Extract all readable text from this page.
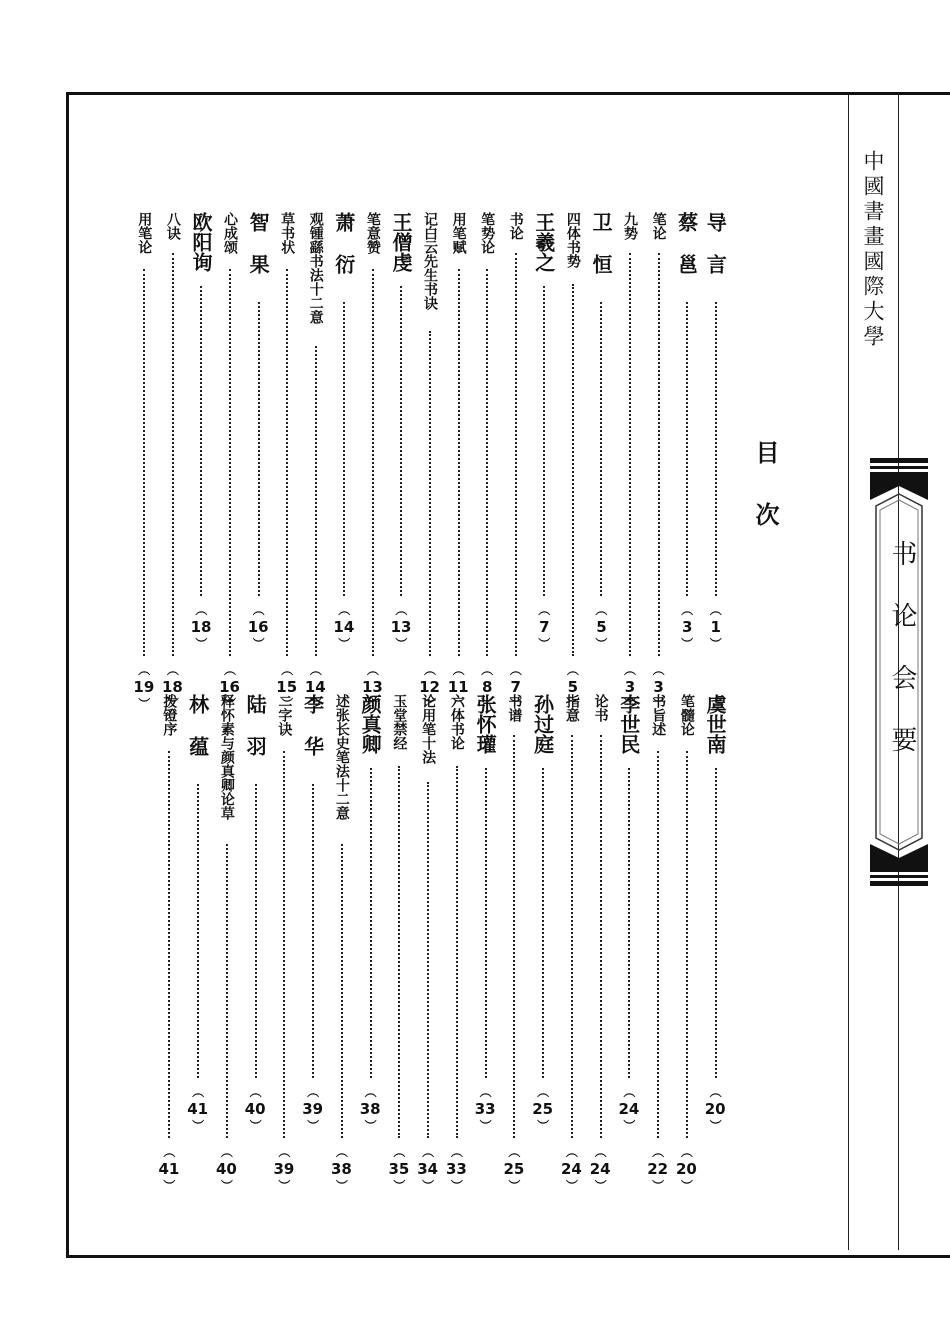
中國書畫國際大學
书论会要
目次
导言
︵ 1
︶
蔡邕
︵ 3
︶
笔论
︵ 3
︶
九势
︵ 3
︶
卫恒
︵ 5
︶
四体书势
︵ 5
︶
王羲之
︵ 7
︶
书论
︵ 7
︶
笔势论
︵ 8
︶
用笔赋
︵ 11
︶
记白云先生书诀
︵ 12
︶
王僧虔
︵ 13
︶
笔意赞
︵ 13
︶
萧衍
︵ 14
︶
观锺繇书法十二意
︵ 14
︶
草书状
︵ 15
︶
智果
︵ 16
︶
心成颂
︵ 16
︶
欧阳询
︵ 18
︶
八诀
︵ 18
︶
用笔论
︵ 19
︶
虞世南
︵ 20
︶
笔髓论
︵ 20
︶
书旨述
︵ 22
︶
李世民
︵ 24
︶
论书
︵ 24
︶
指意
︵ 24
︶
孙过庭
︵ 25
︶
书谱
︵ 25
︶
张怀瓘
︵ 33
︶
六体书论
︵ 33
︶
论用笔十法
︵ 34
︶
玉堂禁经
︵ 35
︶
颜真卿
︵ 38
︶
述张长史笔法十二意
︵ 38
︶
李华
︵ 39
︶
二字诀
︵ 39
︶
陆羽
︵ 40
︶
释怀素与颜真卿论草
︵ 40
︶
林蕴
︵ 41
︶
拨镫序
︵ 41
︶
